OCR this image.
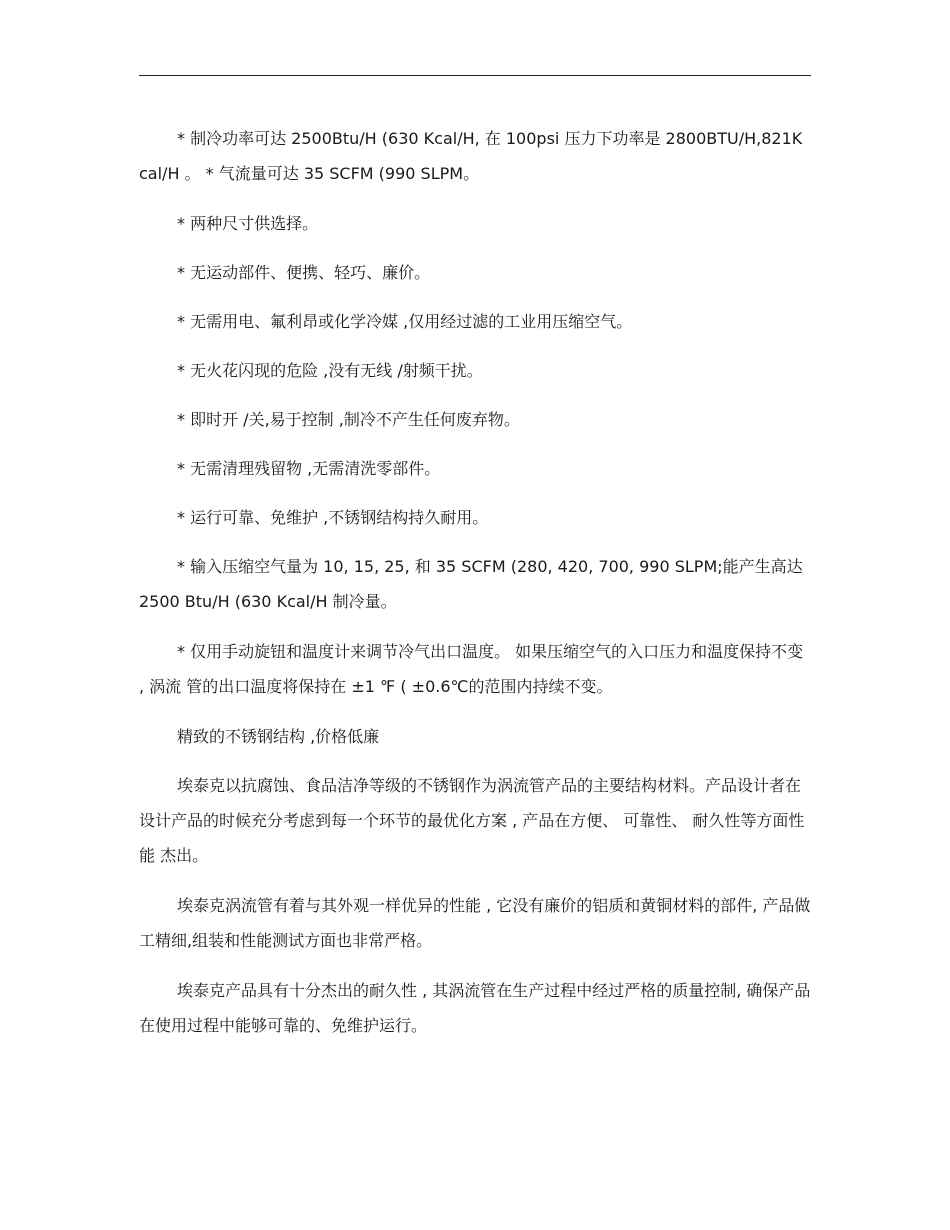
* 制冷功率可达 2500Btu/H (630 Kcal/H, 在 100psi 压力下功率是 2800BTU/H,821Kcal/H 。 * 气流量可达 35 SCFM (990 SLPM。

* 两种尺寸供选择。

* 无运动部件、便携、轻巧、廉价。

* 无需用电、氟利昂或化学冷媒 ,仅用经过滤的工业用压缩空气。

* 无火花闪现的危险 ,没有无线 /射频干扰。

* 即时开 /关,易于控制 ,制冷不产生任何废弃物。

* 无需清理残留物 ,无需清洗零部件。

* 运行可靠、免维护 ,不锈钢结构持久耐用。

* 输入压缩空气量为 10, 15, 25, 和 35 SCFM (280, 420, 700, 990 SLPM;能产生高达 2500 Btu/H (630 Kcal/H 制冷量。

* 仅用手动旋钮和温度计来调节冷气出口温度。 如果压缩空气的入口压力和温度保持不变 , 涡流 管的出口温度将保持在 ±1 ℉ ( ±0.6℃的范围内持续不变。

精致的不锈钢结构 ,价格低廉

埃泰克以抗腐蚀、食品洁净等级的不锈钢作为涡流管产品的主要结构材料。产品设计者在 设计产品的时候充分考虑到每一个环节的最优化方案 , 产品在方便、 可靠性、 耐久性等方面性能 杰出。

埃泰克涡流管有着与其外观一样优异的性能 , 它没有廉价的铝质和黄铜材料的部件, 产品做 工精细,组装和性能测试方面也非常严格。

埃泰克产品具有十分杰出的耐久性 , 其涡流管在生产过程中经过严格的质量控制, 确保产品 在使用过程中能够可靠的、免维护运行。
